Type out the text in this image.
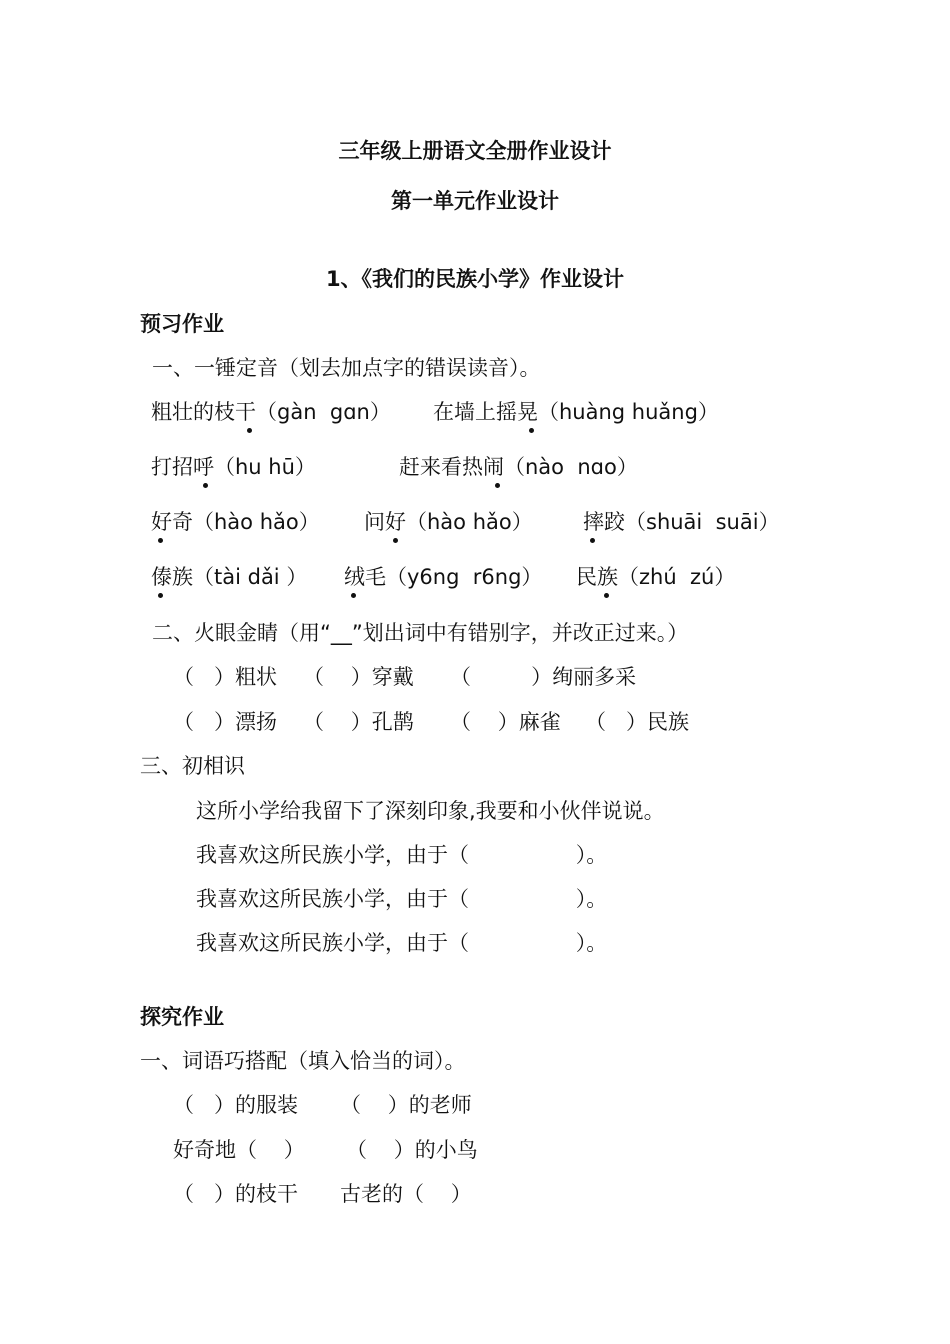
三年级上册语文全册作业设计
第一单元作业设计
1、《我们的民族小学》作业设计
预习作业
一、一锤定音（划去加点字的错误读音）。
粗壮的枝干（gàn  gɑn） 在墙上摇晃（huàng huǎng）
打招呼（hu hū）	赶来看热闹（nào  nɑo）
好奇（hào hǎo） 问好（hào hǎo） 摔跤（shuāi  suāi）
傣族（tài dǎi ） 绒毛（y6ng  r6ng） 民族（zhú  zú）
二、火眼金睛（用“__”划出词中有错别字，并改正过来。）
（   ）粗状 （    ）穿戴 （         ）绚丽多采
（   ）漂扬 （    ）孔鹊 （    ）麻雀 （   ）民族
三、初相识
这所小学给我留下了深刻印象,我要和小伙伴说说。
我喜欢这所民族小学，由于（                ）。
我喜欢这所民族小学，由于（                ）。
我喜欢这所民族小学，由于（                ）。
探究作业
一、词语巧搭配（填入恰当的词）。
（   ）的服装 （    ）的老师
好奇地（    ） （    ）的小鸟
（   ）的枝干 古老的（    ）
